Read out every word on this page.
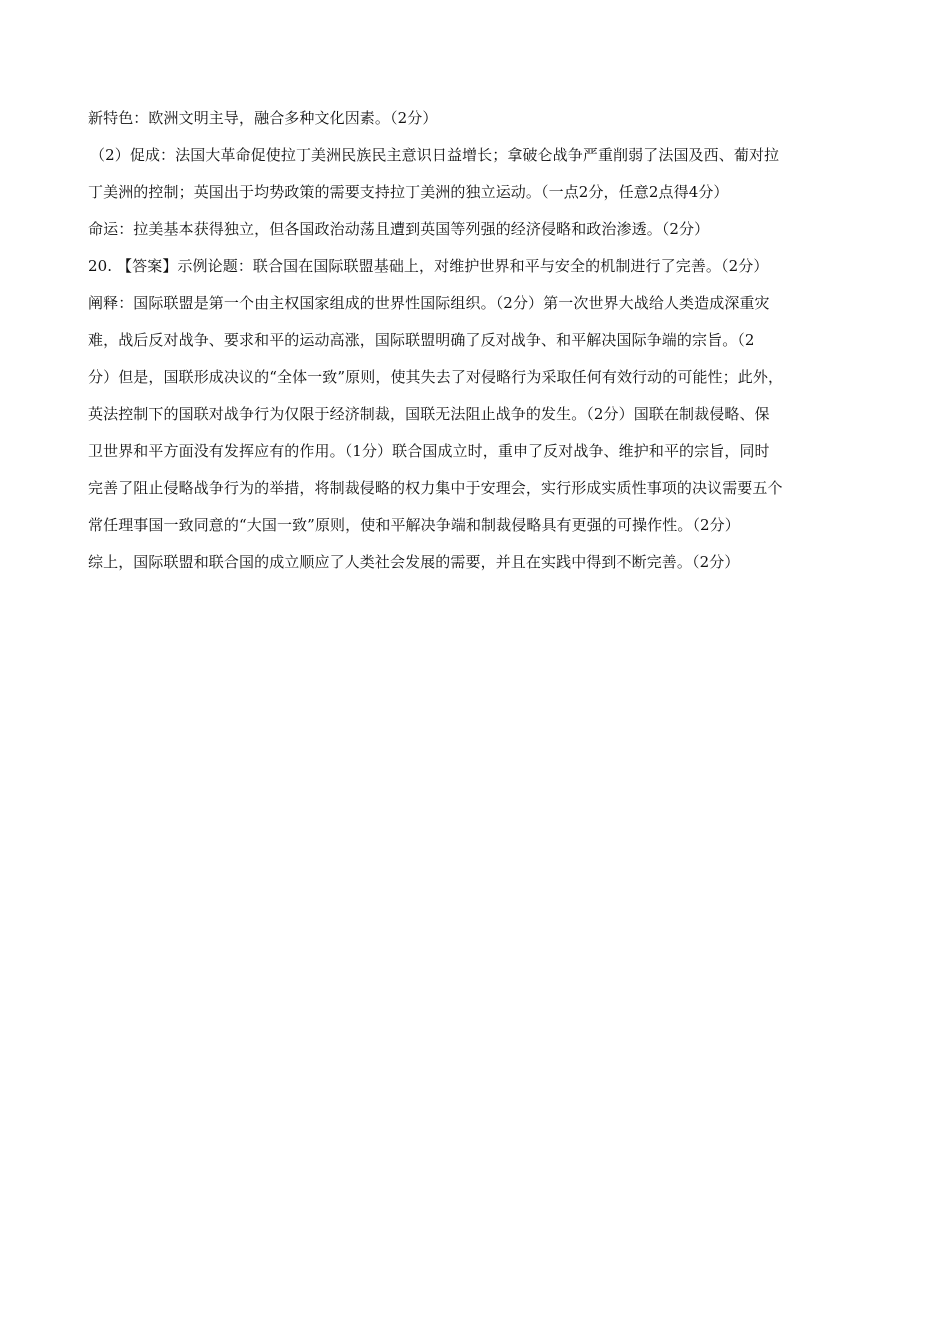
新特色：欧洲文明主导，融合多种文化因素。（2分）
（2）促成：法国大革命促使拉丁美洲民族民主意识日益增长；拿破仑战争严重削弱了法国及西、葡对拉
丁美洲的控制；英国出于均势政策的需要支持拉丁美洲的独立运动。（一点2分，任意2点得4分）
命运：拉美基本获得独立，但各国政治动荡且遭到英国等列强的经济侵略和政治渗透。（2分）
20. 【答案】示例论题：联合国在国际联盟基础上，对维护世界和平与安全的机制进行了完善。（2分）
阐释：国际联盟是第一个由主权国家组成的世界性国际组织。（2分）第一次世界大战给人类造成深重灾
难，战后反对战争、要求和平的运动高涨，国际联盟明确了反对战争、和平解决国际争端的宗旨。（2
分）但是，国联形成决议的“全体一致”原则，使其失去了对侵略行为采取任何有效行动的可能性；此外，
英法控制下的国联对战争行为仅限于经济制裁，国联无法阻止战争的发生。（2分）国联在制裁侵略、保
卫世界和平方面没有发挥应有的作用。（1分）联合国成立时，重申了反对战争、维护和平的宗旨，同时
完善了阻止侵略战争行为的举措，将制裁侵略的权力集中于安理会，实行形成实质性事项的决议需要五个
常任理事国一致同意的“大国一致”原则，使和平解决争端和制裁侵略具有更强的可操作性。（2分）
综上，国际联盟和联合国的成立顺应了人类社会发展的需要，并且在实践中得到不断完善。（2分）
